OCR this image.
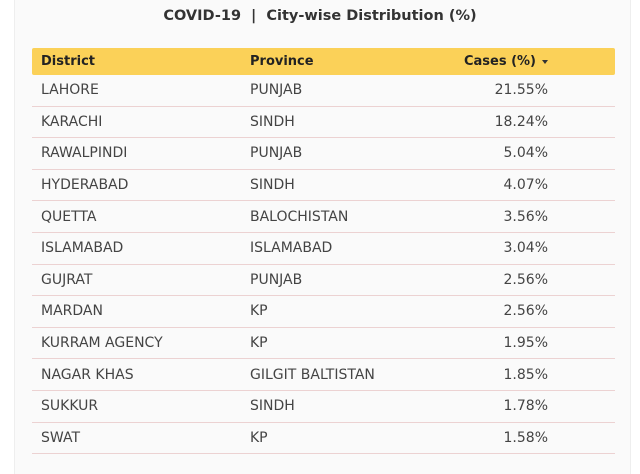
COVID-19 | City-wise Distribution (%)
District	Province	Cases (%)
LAHORE	PUNJAB	21.55%
KARACHI	SINDH	18.24%
RAWALPINDI	PUNJAB	5.04%
HYDERABAD	SINDH	4.07%
QUETTA	BALOCHISTAN	3.56%
ISLAMABAD	ISLAMABAD	3.04%
GUJRAT	PUNJAB	2.56%
MARDAN	KP	2.56%
KURRAM AGENCY	KP	1.95%
NAGAR KHAS	GILGIT BALTISTAN	1.85%
SUKKUR	SINDH	1.78%
SWAT	KP	1.58%
